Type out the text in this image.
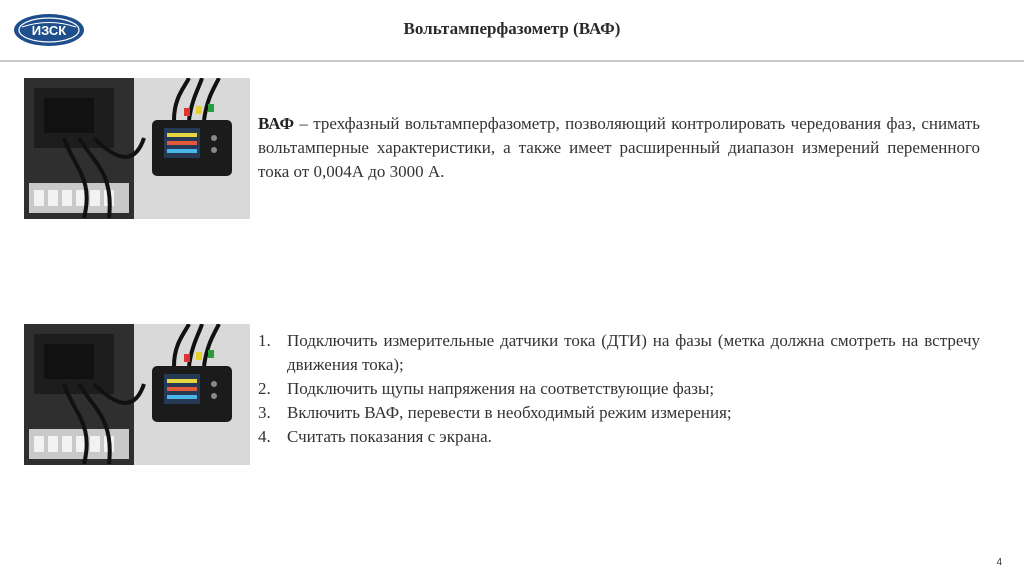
ИЗСК	Вольтамперфазометр (ВАФ)
ВАФ – трехфазный вольтамперфазометр, позволяющий контролировать чередования фаз, снимать вольтамперные характеристики, а также имеет расширенный диапазон измерений переменного тока от 0,004А до 3000 А.
1. Подключить измерительные датчики тока (ДТИ) на фазы (метка должна смотреть на встречу движения тока);
2. Подключить щупы напряжения на соответствующие фазы;
3. Включить ВАФ, перевести в необходимый режим измерения;
4. Считать показания с экрана.
4
